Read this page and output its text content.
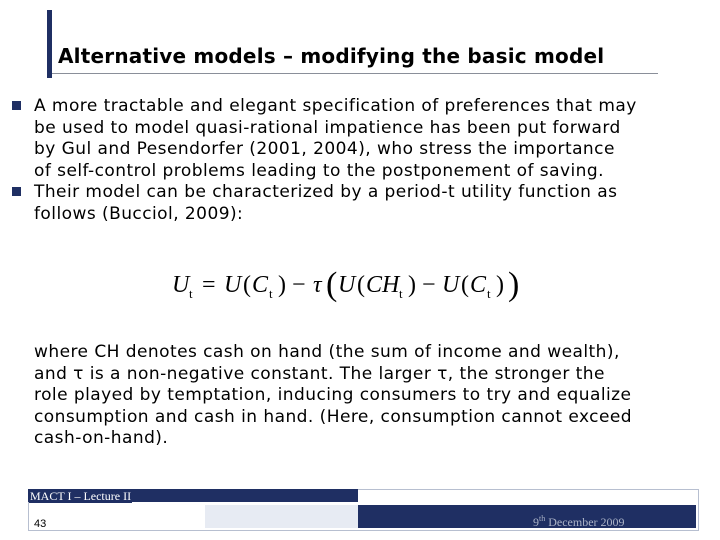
Alternative models – modifying the basic model
A more tractable and elegant specification of preferences that may
be used to model quasi-rational impatience has been put forward
by Gul and Pesendorfer (2001, 2004), who stress the importance
of self-control problems leading to the postponement of saving.
Their model can be characterized by a period-t utility function as
follows (Bucciol, 2009):
U t = U ( C t ) − τ ( U ( CH t ) − U ( C t ) )
where CH denotes cash on hand (the sum of income and wealth),
and τ is a non-negative constant. The larger τ, the stronger the
role played by temptation, inducing consumers to try and equalize
consumption and cash in hand. (Here, consumption cannot exceed
cash-on-hand).
MACT I – Lecture II
9th December 2009
43
